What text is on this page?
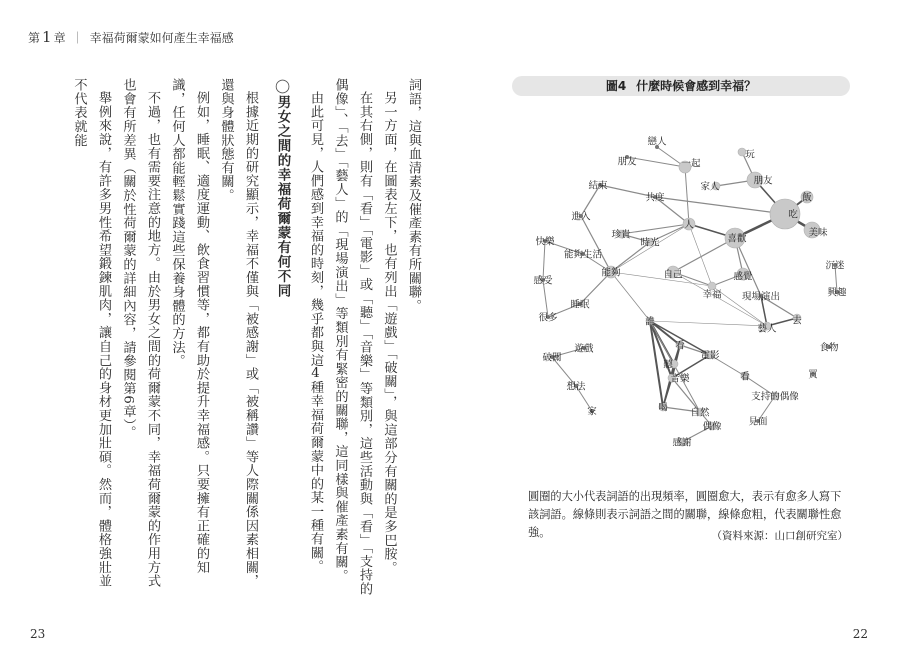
第 1 章 ｜ 幸福荷爾蒙如何產生幸福感

詞語，這與血清素及催產素有所關聯。

另一方面，在圖表左下，也有列出「遊戲」「破關」，與這部分有關的是多巴胺。

在其右側，則有「看」「電影」或「聽」「音樂」等類別，這些活動與「看」「支持的偶像」、「去」「藝人」的「現場演出」等類別有緊密的關聯，這同樣與催產素有關。

由此可見，人們感到幸福的時刻，幾乎都與這4種幸福荷爾蒙中的某一種有關。

◯男女之間的幸福荷爾蒙有何不同

根據近期的研究顯示，幸福不僅與「被感謝」或「被稱讚」等人際關係因素相關，還與身體狀態有關。

例如，睡眠、適度運動、飲食習慣等，都有助於提升幸福感。只要擁有正確的知識，任何人都能輕鬆實踐這些保養身體的方法。

不過，也有需要注意的地方。由於男女之間的荷爾蒙不同，幸福荷爾蒙的作用方式也會有所差異（關於性荷爾蒙的詳細內容，請參閱第6章）。

舉例來說，有許多男性希望鍛鍊肌肉，讓自己的身材更加壯碩。然而，體格強壯並不代表就能

23
圖4 什麼時候會感到幸福？
戀人
朋友	一起
玩
家人
朋友
飯
結束
共度
吃
美味
進入
人
喜歡
珍貴
時光
快樂
能夠生活
自己	感覺
能夠
沉迷
興趣
感受
幸福
睡眠
現場演出
很多	去
藝人
誰
食物
遊戲	看
破關	電影
買
聽
音樂
想法
看
支持的偶像
家	喝 自然
見面
偶像
感謝
圓圈的大小代表詞語的出現頻率，圓圈愈大，表示有愈多人寫下該詞語。線條則表示詞語之間的關聯，線條愈粗，代表關聯性愈強。	（資料來源：山口創研究室）
22
